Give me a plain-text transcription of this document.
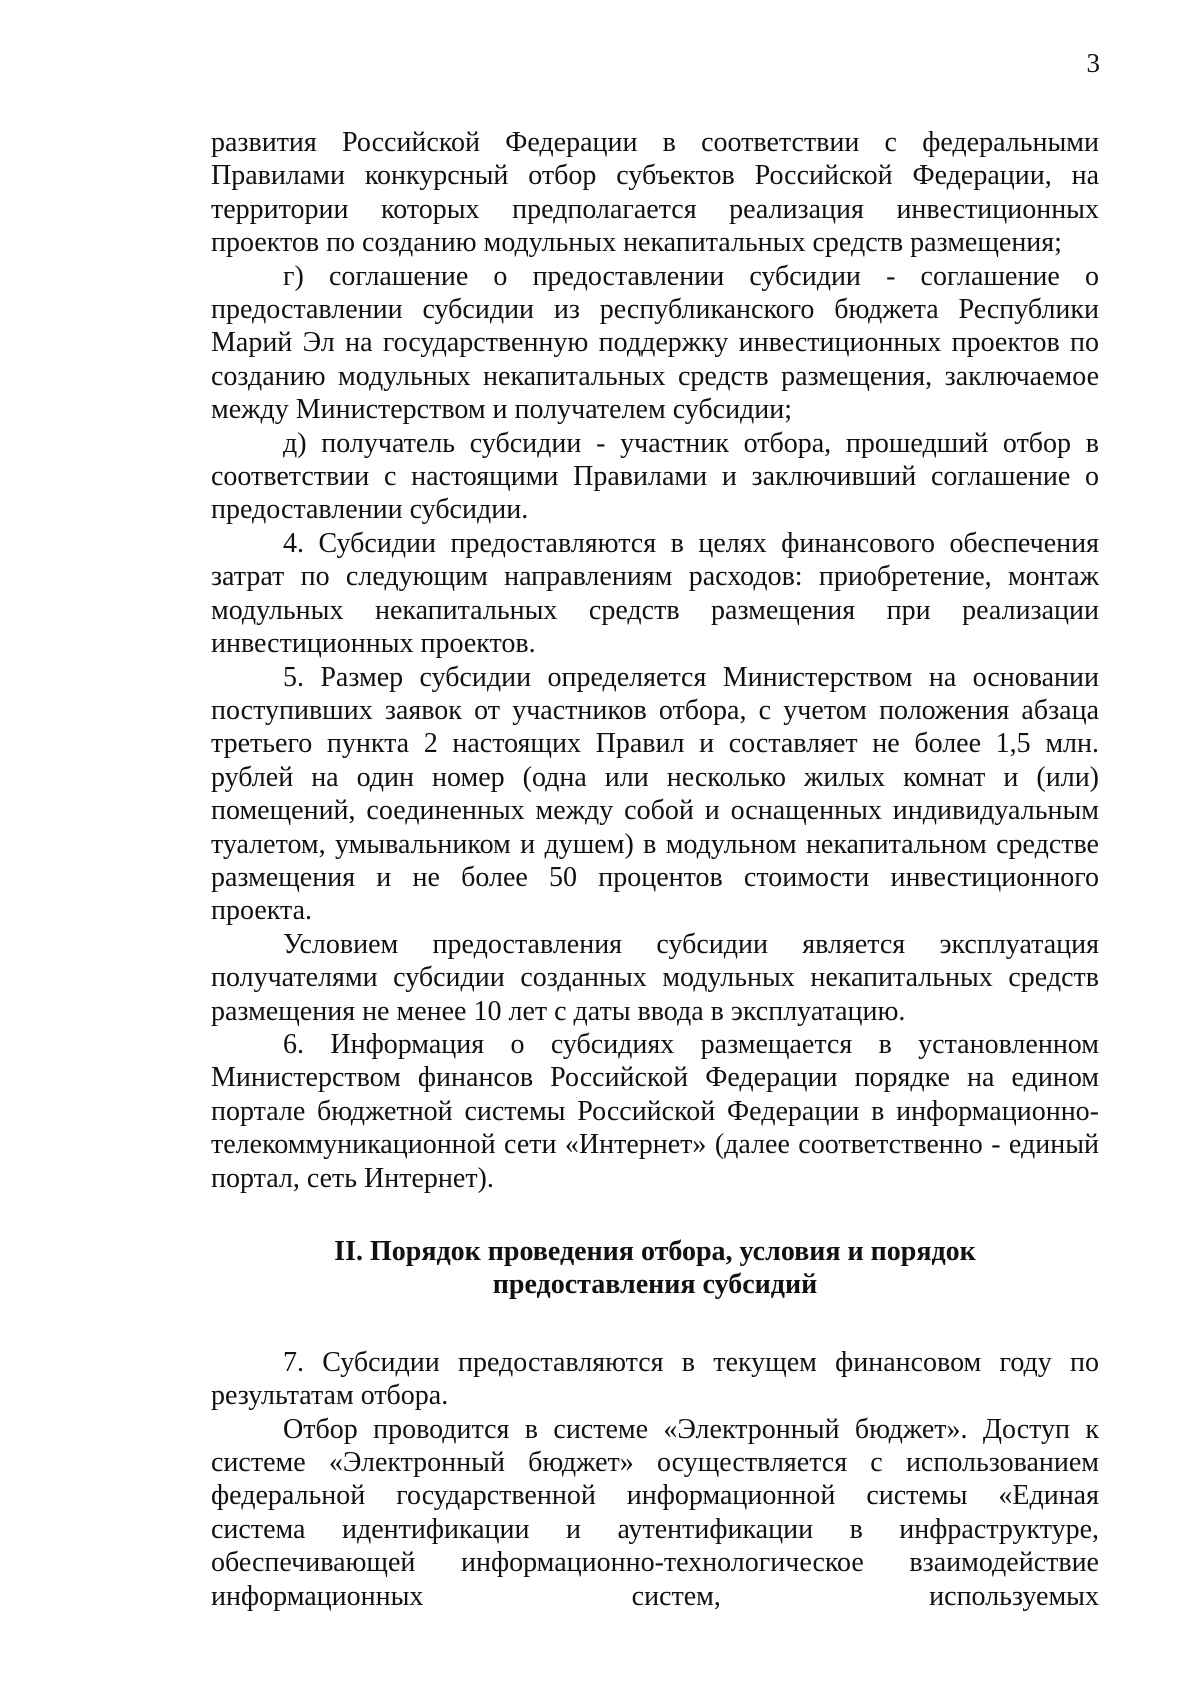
3

развития Российской Федерации в соответствии с федеральными Правилами конкурсный отбор субъектов Российской Федерации, на территории которых предполагается реализация инвестиционных проектов по созданию модульных некапитальных средств размещения;

г) соглашение о предоставлении субсидии - соглашение о предоставлении субсидии из республиканского бюджета Республики Марий Эл на государственную поддержку инвестиционных проектов по созданию модульных некапитальных средств размещения, заключаемое между Министерством и получателем субсидии;

д) получатель субсидии - участник отбора, прошедший отбор в соответствии с настоящими Правилами и заключивший соглашение о предоставлении субсидии.

4. Субсидии предоставляются в целях финансового обеспечения затрат по следующим направлениям расходов: приобретение, монтаж модульных некапитальных средств размещения при реализации инвестиционных проектов.

5. Размер субсидии определяется Министерством на основании поступивших заявок от участников отбора, с учетом положения абзаца третьего пункта 2 настоящих Правил и составляет не более 1,5 млн. рублей на один номер (одна или несколько жилых комнат и (или) помещений, соединенных между собой и оснащенных индивидуальным туалетом, умывальником и душем) в модульном некапитальном средстве размещения и не более 50 процентов стоимости инвестиционного проекта.

Условием предоставления субсидии является эксплуатация получателями субсидии созданных модульных некапитальных средств размещения не менее 10 лет с даты ввода в эксплуатацию.

6. Информация о субсидиях размещается в установленном Министерством финансов Российской Федерации порядке на едином портале бюджетной системы Российской Федерации в информационно-телекоммуникационной сети «Интернет» (далее соответственно - единый портал, сеть Интернет).

II. Порядок проведения отбора, условия и порядок
предоставления субсидий

7. Субсидии предоставляются в текущем финансовом году по результатам отбора.

Отбор проводится в системе «Электронный бюджет». Доступ к системе «Электронный бюджет» осуществляется с использованием федеральной государственной информационной системы «Единая система идентификации и аутентификации в инфраструктуре, обеспечивающей информационно-технологическое взаимодействие информационных систем, используемых
